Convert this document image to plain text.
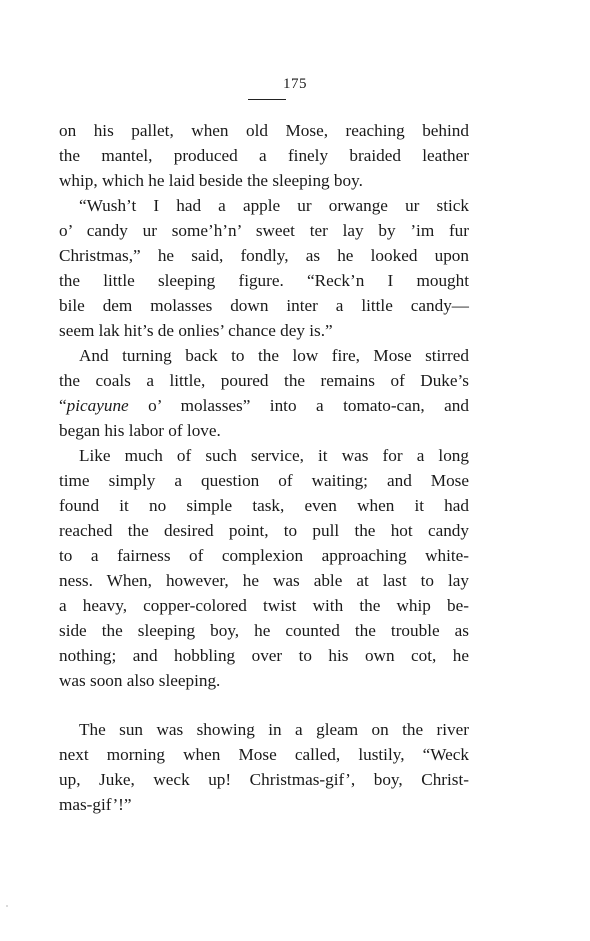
175
on his pallet, when old Mose, reaching behind
the mantel, produced a finely braided leather
whip, which he laid beside the sleeping boy.
“Wush’t I had a apple ur orwange ur stick
o’ candy ur some’h’n’ sweet ter lay by ’im fur
Christmas,” he said, fondly, as he looked upon
the little sleeping figure. “Reck’n I mought
bile dem molasses down inter a little candy—
seem lak hit’s de onlies’ chance dey is.”
And turning back to the low fire, Mose stirred
the coals a little, poured the remains of Duke’s
“picayune o’ molasses” into a tomato-can, and
began his labor of love.
Like much of such service, it was for a long
time simply a question of waiting; and Mose
found it no simple task, even when it had
reached the desired point, to pull the hot candy
to a fairness of complexion approaching white-
ness. When, however, he was able at last to lay
a heavy, copper-colored twist with the whip be-
side the sleeping boy, he counted the trouble as
nothing; and hobbling over to his own cot, he
was soon also sleeping.
The sun was showing in a gleam on the river
next morning when Mose called, lustily, “Weck
up, Juke, weck up! Christmas-gif’, boy, Christ-
mas-gif’!”
